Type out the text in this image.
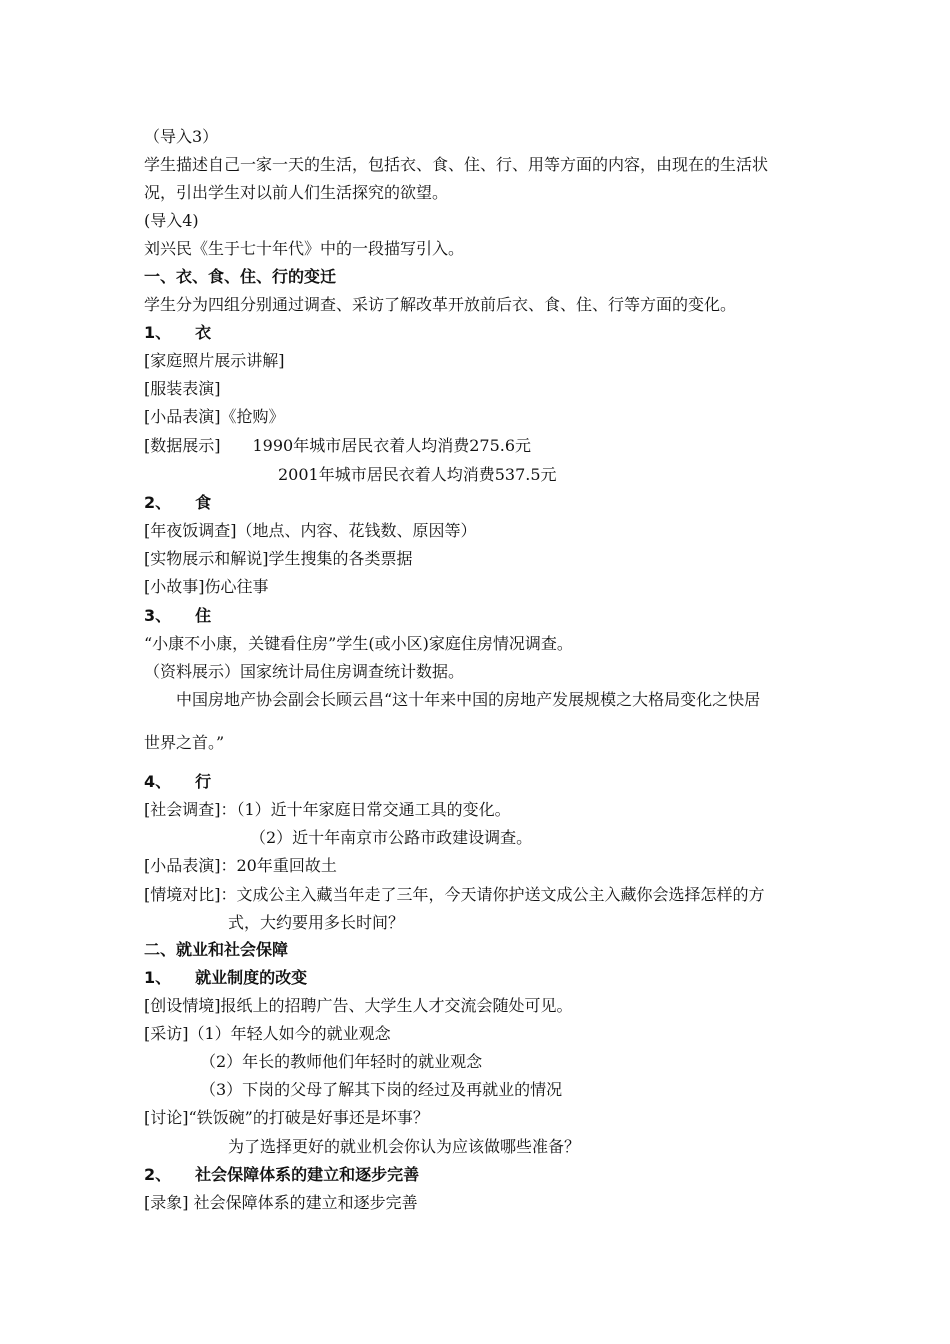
（导入3）
学生描述自己一家一天的生活，包括衣、食、住、行、用等方面的内容，由现在的生活状
况，引出学生对以前人们生活探究的欲望。
(导入4)
刘兴民《生于七十年代》中的一段描写引入。
一、衣、食、住、行的变迁
学生分为四组分别通过调查、采访了解改革开放前后衣、食、住、行等方面的变化。
1、　　衣
[家庭照片展示讲解]
[服装表演]
[小品表演]《抢购》
[数据展示]　　1990年城市居民衣着人均消费275.6元
2001年城市居民衣着人均消费537.5元
2、　　食
[年夜饭调查]（地点、内容、花钱数、原因等）
[实物展示和解说]学生搜集的各类票据
[小故事]伤心往事
3、　　住
“小康不小康，关键看住房”学生(或小区)家庭住房情况调查。
（资料展示）国家统计局住房调查统计数据。
中国房地产协会副会长顾云昌“这十年来中国的房地产发展规模之大格局变化之快居
世界之首。”
4、　　行
[社会调查]：（1）近十年家庭日常交通工具的变化。
（2）近十年南京市公路市政建设调查。
[小品表演]：20年重回故土
[情境对比]：文成公主入藏当年走了三年，今天请你护送文成公主入藏你会选择怎样的方
式，大约要用多长时间？
二、就业和社会保障
1、　　就业制度的改变
[创设情境]报纸上的招聘广告、大学生人才交流会随处可见。
[采访]（1）年轻人如今的就业观念
（2）年长的教师他们年轻时的就业观念
（3）下岗的父母了解其下岗的经过及再就业的情况
[讨论]“铁饭碗”的打破是好事还是坏事？
为了选择更好的就业机会你认为应该做哪些准备？
2、　　社会保障体系的建立和逐步完善
[录象] 社会保障体系的建立和逐步完善
